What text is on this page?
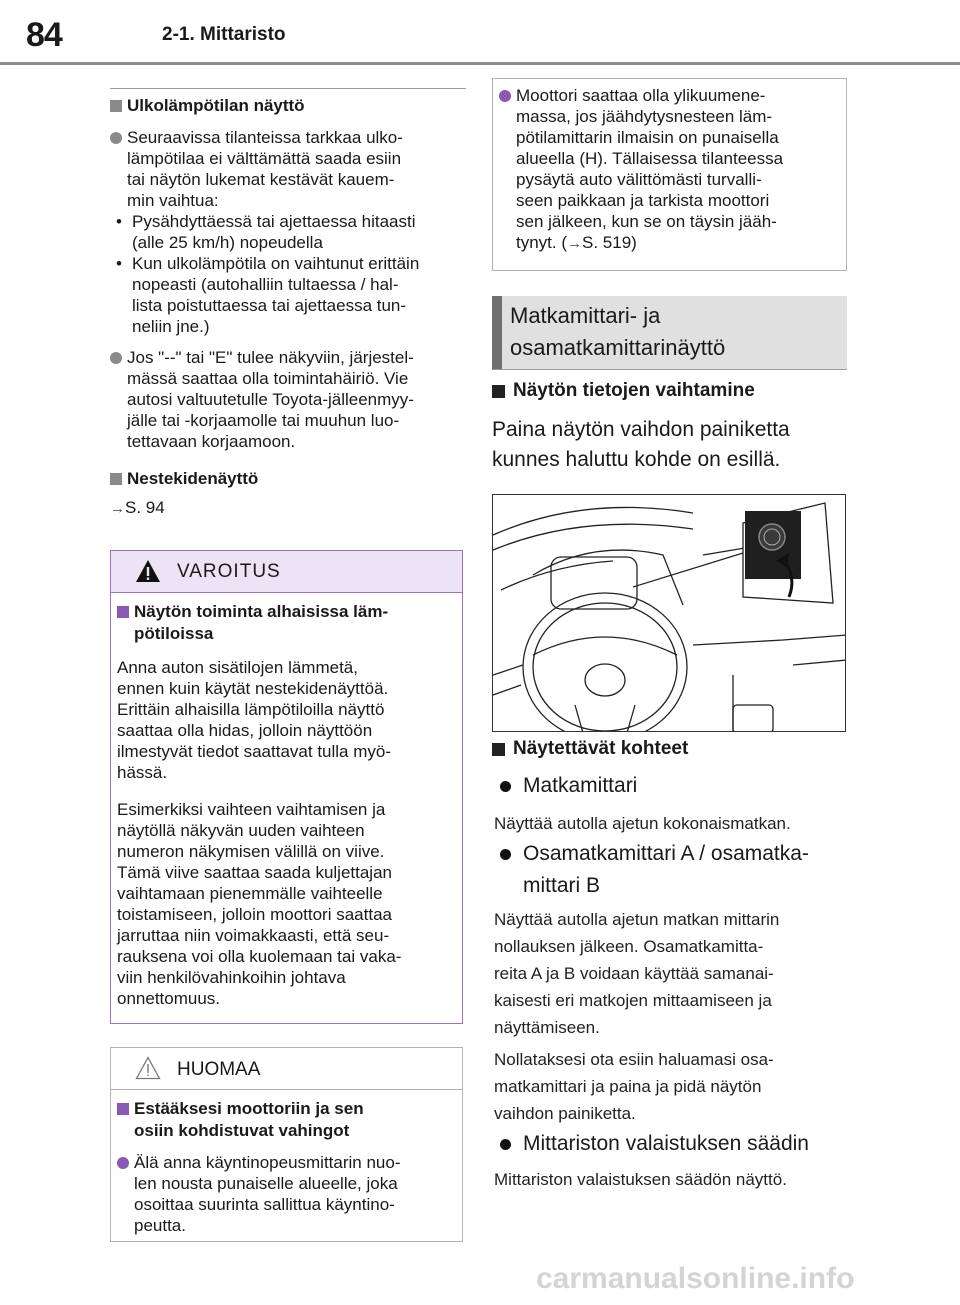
84	2-1. Mittaristo
Ulkolämpötilan näyttö
Seuraavissa tilanteissa tarkkaa ulko-
lämpötilaa ei välttämättä saada esiin
tai näytön lukemat kestävät kauem-
min vaihtua:
• Pysähdyttäessä tai ajettaessa hitaasti
(alle 25 km/h) nopeudella
• Kun ulkolämpötila on vaihtunut erittäin
nopeasti (autohalliin tultaessa / hal-
lista poistuttaessa tai ajettaessa tun-
neliin jne.)
Jos "--" tai "E" tulee näkyviin, järjestel-
mässä saattaa olla toimintahäiriö. Vie
autosi valtuutetulle Toyota-jälleenmyy-
jälle tai -korjaamolle tai muuhun luo-
tettavaan korjaamoon.
Nestekidenäyttö
→S. 94
VAROITUS
Näytön toiminta alhaisissa läm-
pötiloissa
Anna auton sisätilojen lämmetä,
ennen kuin käytät nestekidenäyttöä.
Erittäin alhaisilla lämpötiloilla näyttö
saattaa olla hidas, jolloin näyttöön
ilmestyvät tiedot saattavat tulla myö-
hässä.
Esimerkiksi vaihteen vaihtamisen ja
näytöllä näkyvän uuden vaihteen
numeron näkymisen välillä on viive.
Tämä viive saattaa saada kuljettajan
vaihtamaan pienemmälle vaihteelle
toistamiseen, jolloin moottori saattaa
jarruttaa niin voimakkaasti, että seu-
rauksena voi olla kuolemaan tai vaka-
viin henkilövahinkoihin johtava
onnettomuus.
HUOMAA
Estääksesi moottoriin ja sen
osiin kohdistuvat vahingot
Älä anna käyntinopeusmittarin nuo-
len nousta punaiselle alueelle, joka
osoittaa suurinta sallittua käyntino-
peutta.
Moottori saattaa olla ylikuumene-
massa, jos jäähdytysnesteen läm-
pötilamittarin ilmaisin on punaisella
alueella (H). Tällaisessa tilanteessa
pysäytä auto välittömästi turvalli-
seen paikkaan ja tarkista moottori
sen jälkeen, kun se on täysin jääh-
tynyt. (→S. 519)
Matkamittari- ja
osamatkamittarinäyttö
Näytön tietojen vaihtamine
Paina näytön vaihdon painiketta
kunnes haluttu kohde on esillä.
Näytettävät kohteet
Matkamittari
Näyttää autolla ajetun kokonaismatkan.
Osamatkamittari A / osamatka-
mittari B
Näyttää autolla ajetun matkan mittarin
nollauksen jälkeen. Osamatkamitta-
reita A ja B voidaan käyttää samanai-
kaisesti eri matkojen mittaamiseen ja
näyttämiseen.
Nollataksesi ota esiin haluamasi osa-
matkamittari ja paina ja pidä näytön
vaihdon painiketta.
Mittariston valaistuksen säädin
Mittariston valaistuksen säädön näyttö.
carmanualsonline.info
